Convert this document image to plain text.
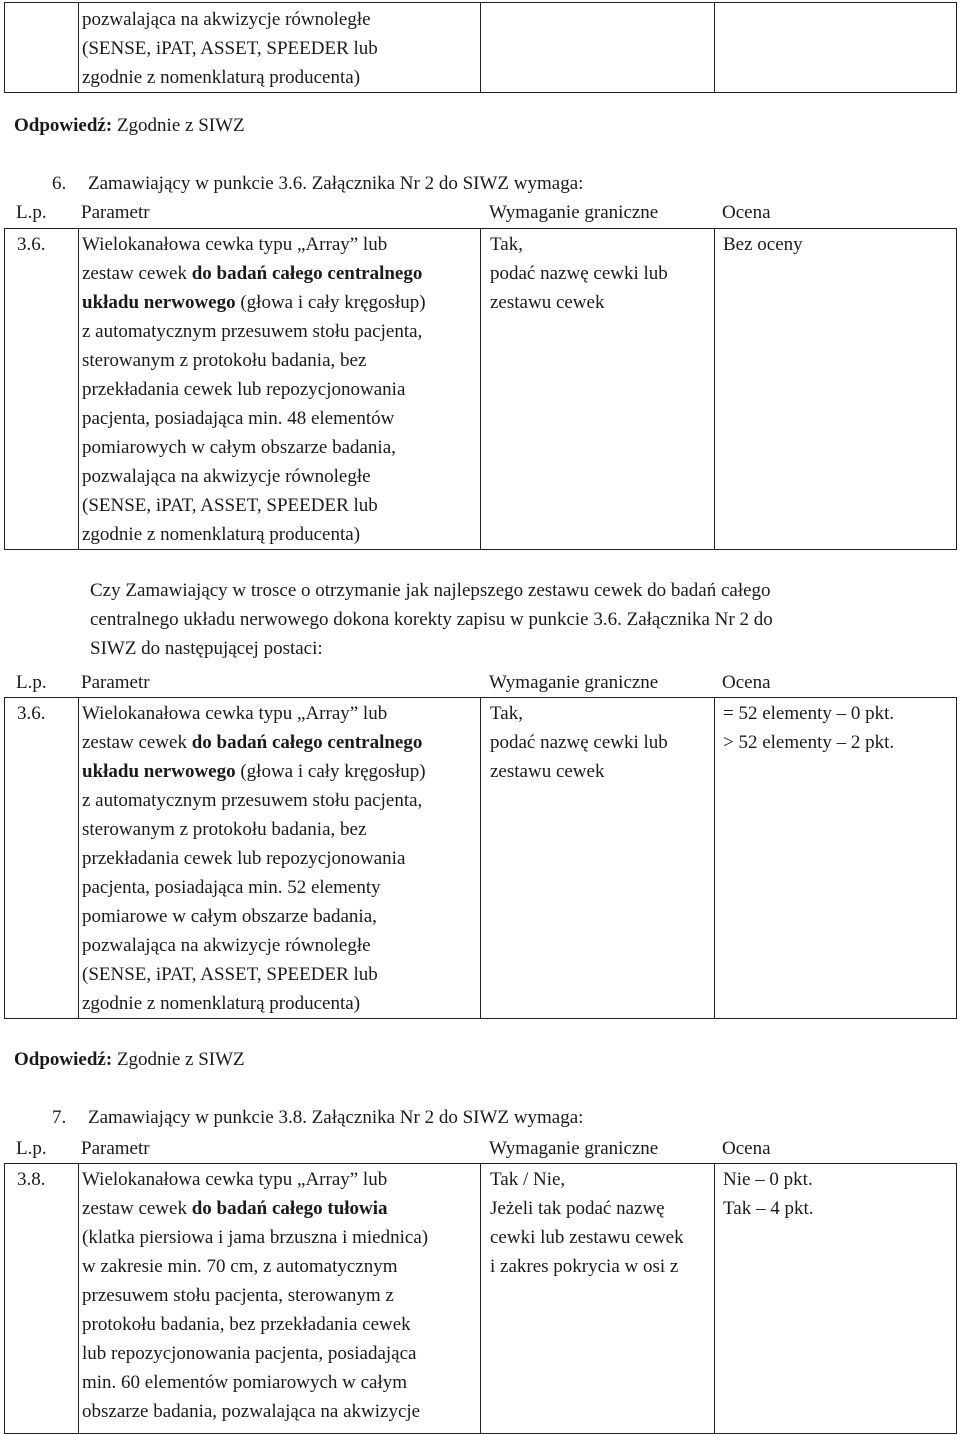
pozwalająca na akwizycje równoległe
(SENSE, iPAT, ASSET, SPEEDER lub
zgodnie z nomenklaturą producenta)

Odpowiedź: Zgodnie z SIWZ
6. Zamawiający w punkcie 3.6. Załącznika Nr 2 do SIWZ wymaga:
L.p.	Parametr	Wymaganie graniczne	Ocena
3.6.	Wielokanałowa cewka typu „Array” lub
zestaw cewek do badań całego centralnego
układu nerwowego (głowa i cały kręgosłup)
z automatycznym przesuwem stołu pacjenta,
sterowanym z protokołu badania, bez
przekładania cewek lub repozycjonowania
pacjenta, posiadająca min. 48 elementów
pomiarowych w całym obszarze badania,
pozwalająca na akwizycje równoległe
(SENSE, iPAT, ASSET, SPEEDER lub
zgodnie z nomenklaturą producenta)

Tak,
podać nazwę cewki lub
zestawu cewek

Bez oceny
Czy Zamawiający w trosce o otrzymanie jak najlepszego zestawu cewek do badań całego
centralnego układu nerwowego dokona korekty zapisu w punkcie 3.6. Załącznika Nr 2 do
SIWZ do następującej postaci:
L.p.	Parametr	Wymaganie graniczne	Ocena
3.6.	Wielokanałowa cewka typu „Array” lub
zestaw cewek do badań całego centralnego
układu nerwowego (głowa i cały kręgosłup)
z automatycznym przesuwem stołu pacjenta,
sterowanym z protokołu badania, bez
przekładania cewek lub repozycjonowania
pacjenta, posiadająca min. 52 elementy
pomiarowe w całym obszarze badania,
pozwalająca na akwizycje równoległe
(SENSE, iPAT, ASSET, SPEEDER lub
zgodnie z nomenklaturą producenta)

Tak,
podać nazwę cewki lub
zestawu cewek

= 52 elementy – 0 pkt.
> 52 elementy – 2 pkt.
Odpowiedź: Zgodnie z SIWZ
7. Zamawiający w punkcie 3.8. Załącznika Nr 2 do SIWZ wymaga:
L.p.	Parametr	Wymaganie graniczne	Ocena
3.8.	Wielokanałowa cewka typu „Array” lub
zestaw cewek do badań całego tułowia
(klatka piersiowa i jama brzuszna i miednica)
w zakresie min. 70 cm, z automatycznym
przesuwem stołu pacjenta, sterowanym z
protokołu badania, bez przekładania cewek
lub repozycjonowania pacjenta, posiadająca
min. 60 elementów pomiarowych w całym
obszarze badania, pozwalająca na akwizycje

Tak / Nie,
Jeżeli tak podać nazwę
cewki lub zestawu cewek
i zakres pokrycia w osi z

Nie – 0 pkt.
Tak – 4 pkt.
